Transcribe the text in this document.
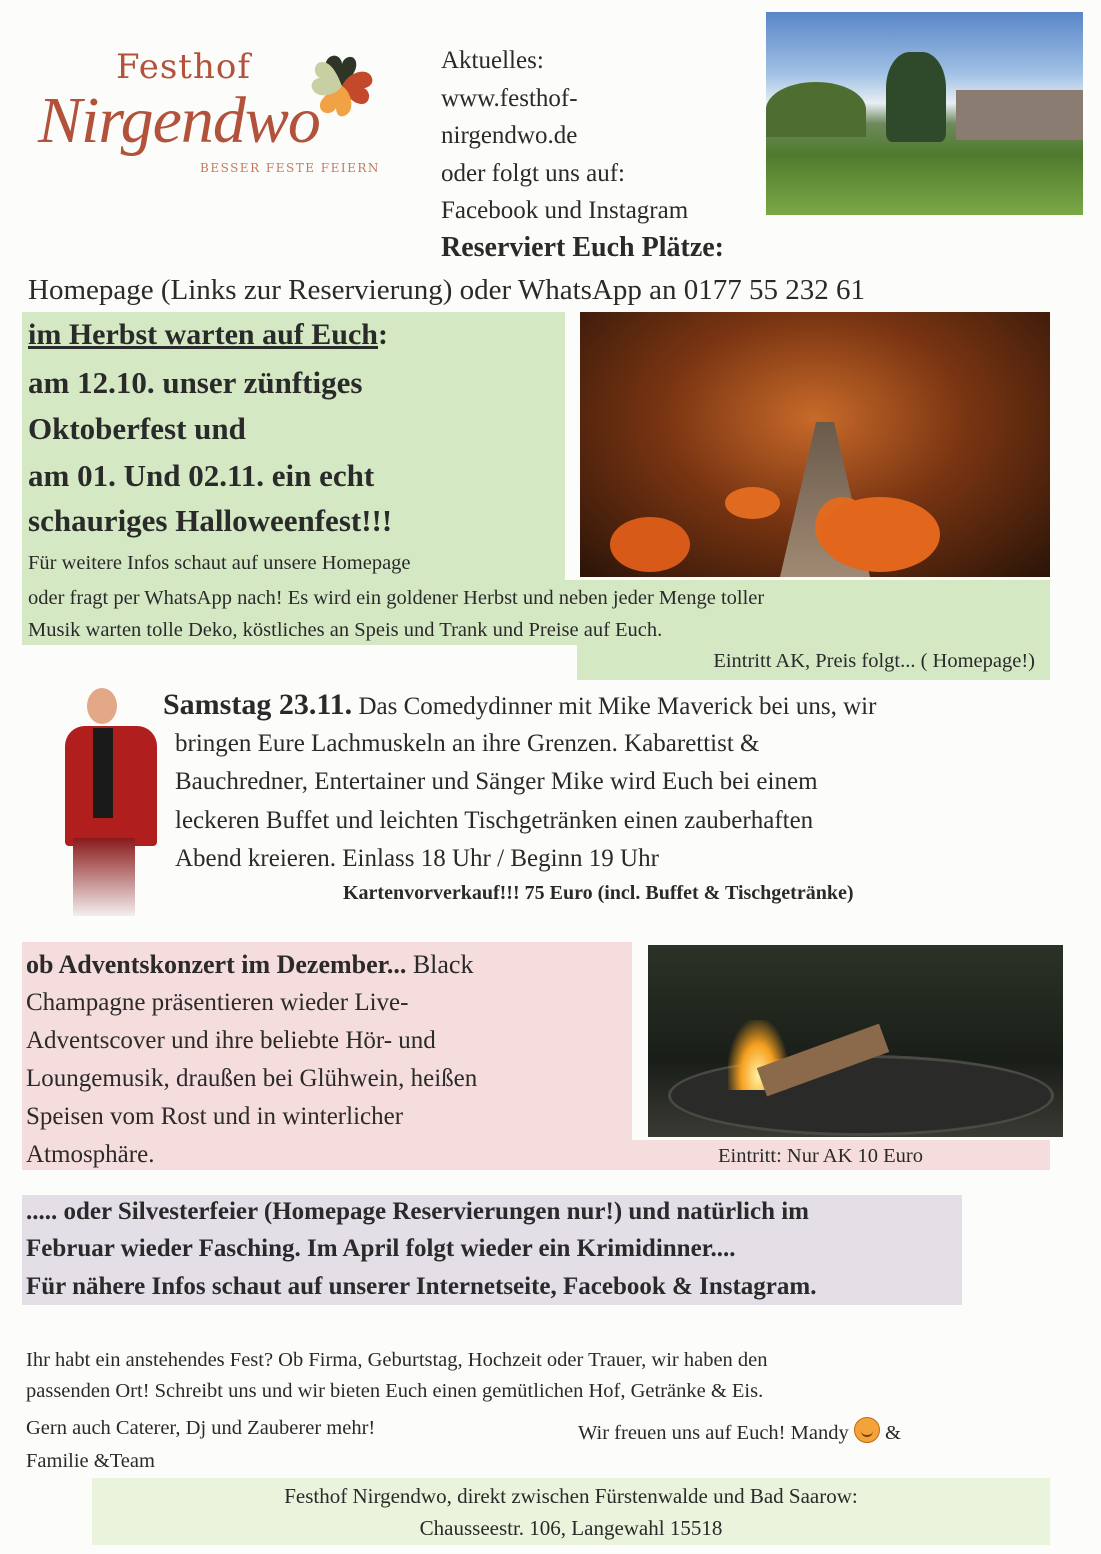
Festhof
Nirgendwo
BESSER FESTE FEIERN
Aktuelles:
www.festhof-
nirgendwo.de
oder folgt uns auf:
Facebook und Instagram
Reserviert Euch Plätze:
Homepage (Links zur Reservierung) oder WhatsApp an 0177 55 232 61
im Herbst warten auf Euch:
am 12.10. unser zünftiges
Oktoberfest und
am 01. Und 02.11. ein echt
schauriges Halloweenfest!!!
Für weitere Infos schaut auf unsere Homepage
oder fragt per WhatsApp nach! Es wird ein goldener Herbst und neben jeder Menge toller
Musik warten tolle Deko, köstliches an Speis und Trank und Preise auf Euch.
Eintritt AK, Preis folgt... ( Homepage!)
Samstag 23.11. Das Comedydinner mit Mike Maverick bei uns, wir
bringen Eure Lachmuskeln an ihre Grenzen. Kabarettist &
Bauchredner, Entertainer und Sänger Mike wird Euch bei einem
leckeren Buffet und leichten Tischgetränken einen zauberhaften
Abend kreieren. Einlass 18 Uhr / Beginn 19 Uhr
Kartenvorverkauf!!! 75 Euro (incl. Buffet & Tischgetränke)
ob Adventskonzert im Dezember... Black
Champagne präsentieren wieder Live-
Adventscover und ihre beliebte Hör- und
Loungemusik, draußen bei Glühwein, heißen
Speisen vom Rost und in winterlicher
Atmosphäre.	Eintritt: Nur AK 10 Euro
..... oder Silvesterfeier (Homepage Reservierungen nur!) und natürlich im
Februar wieder Fasching. Im April folgt wieder ein Krimidinner....
Für nähere Infos schaut auf unserer Internetseite, Facebook & Instagram.
Ihr habt ein anstehendes Fest? Ob Firma, Geburtstag, Hochzeit oder Trauer, wir haben den
passenden Ort! Schreibt uns und wir bieten Euch einen gemütlichen Hof, Getränke & Eis.
Gern auch Caterer, Dj und Zauberer mehr!	Wir freuen uns auf Euch! Mandy &
Familie &Team
Festhof Nirgendwo, direkt zwischen Fürstenwalde und Bad Saarow:
Chausseestr. 106, Langewahl 15518
